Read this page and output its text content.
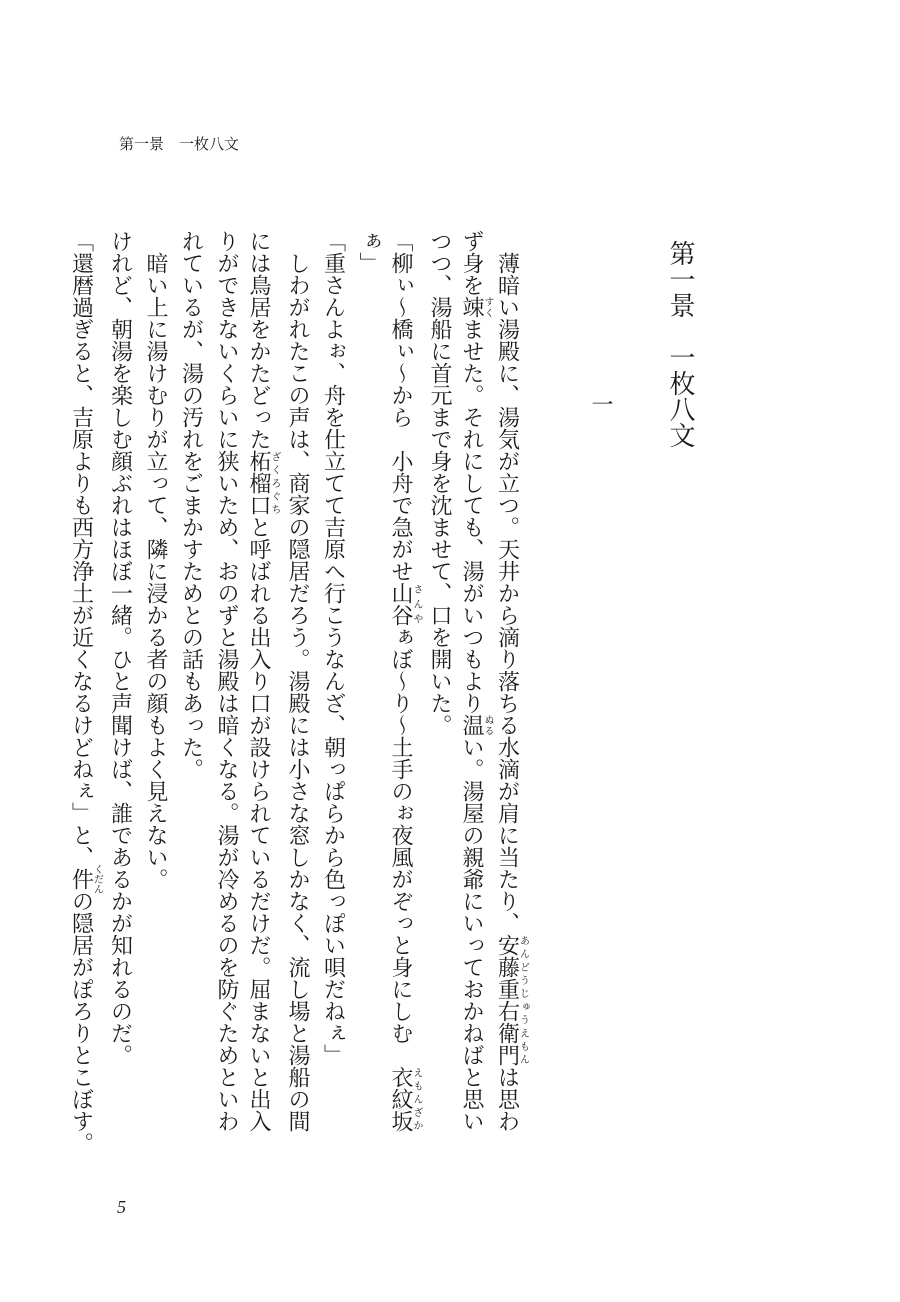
第一景　一枚八文
第一景　一枚八文
一
　薄暗い湯殿に、湯気が立つ。天井から滴り落ちる水滴が肩に当たり、安藤重右衛門あんどうじゅうえもんは思わ
ず身を竦すくませた。それにしても、湯がいつもより温ぬるい。湯屋の親爺にいっておかねばと思い
つつ、湯船に首元まで身を沈ませて、口を開いた。
「柳ぃ～橋ぃ～から　小舟で急がせ山谷さんやぁぼ～り～土手のぉ夜風がぞっと身にしむ　衣紋坂えもんざか
ぁ」
「重さんよぉ、舟を仕立てて吉原へ行こうなんざ、朝っぱらから色っぽい唄だねぇ」
　しわがれたこの声は、商家の隠居だろう。湯殿には小さな窓しかなく、流し場と湯船の間
には鳥居をかたどった柘榴口ざくろぐちと呼ばれる出入り口が設けられているだけだ。屈まないと出入
りができないくらいに狭いため、おのずと湯殿は暗くなる。湯が冷めるのを防ぐためといわ
れているが、湯の汚れをごまかすためとの話もあった。
　暗い上に湯けむりが立って、隣に浸かる者の顔もよく見えない。
けれど、朝湯を楽しむ顔ぶれはほぼ一緒。ひと声聞けば、誰であるかが知れるのだ。
「還暦過ぎると、吉原よりも西方浄土が近くなるけどねぇ」と、件くだんの隠居がぽろりとこぼす。
5
